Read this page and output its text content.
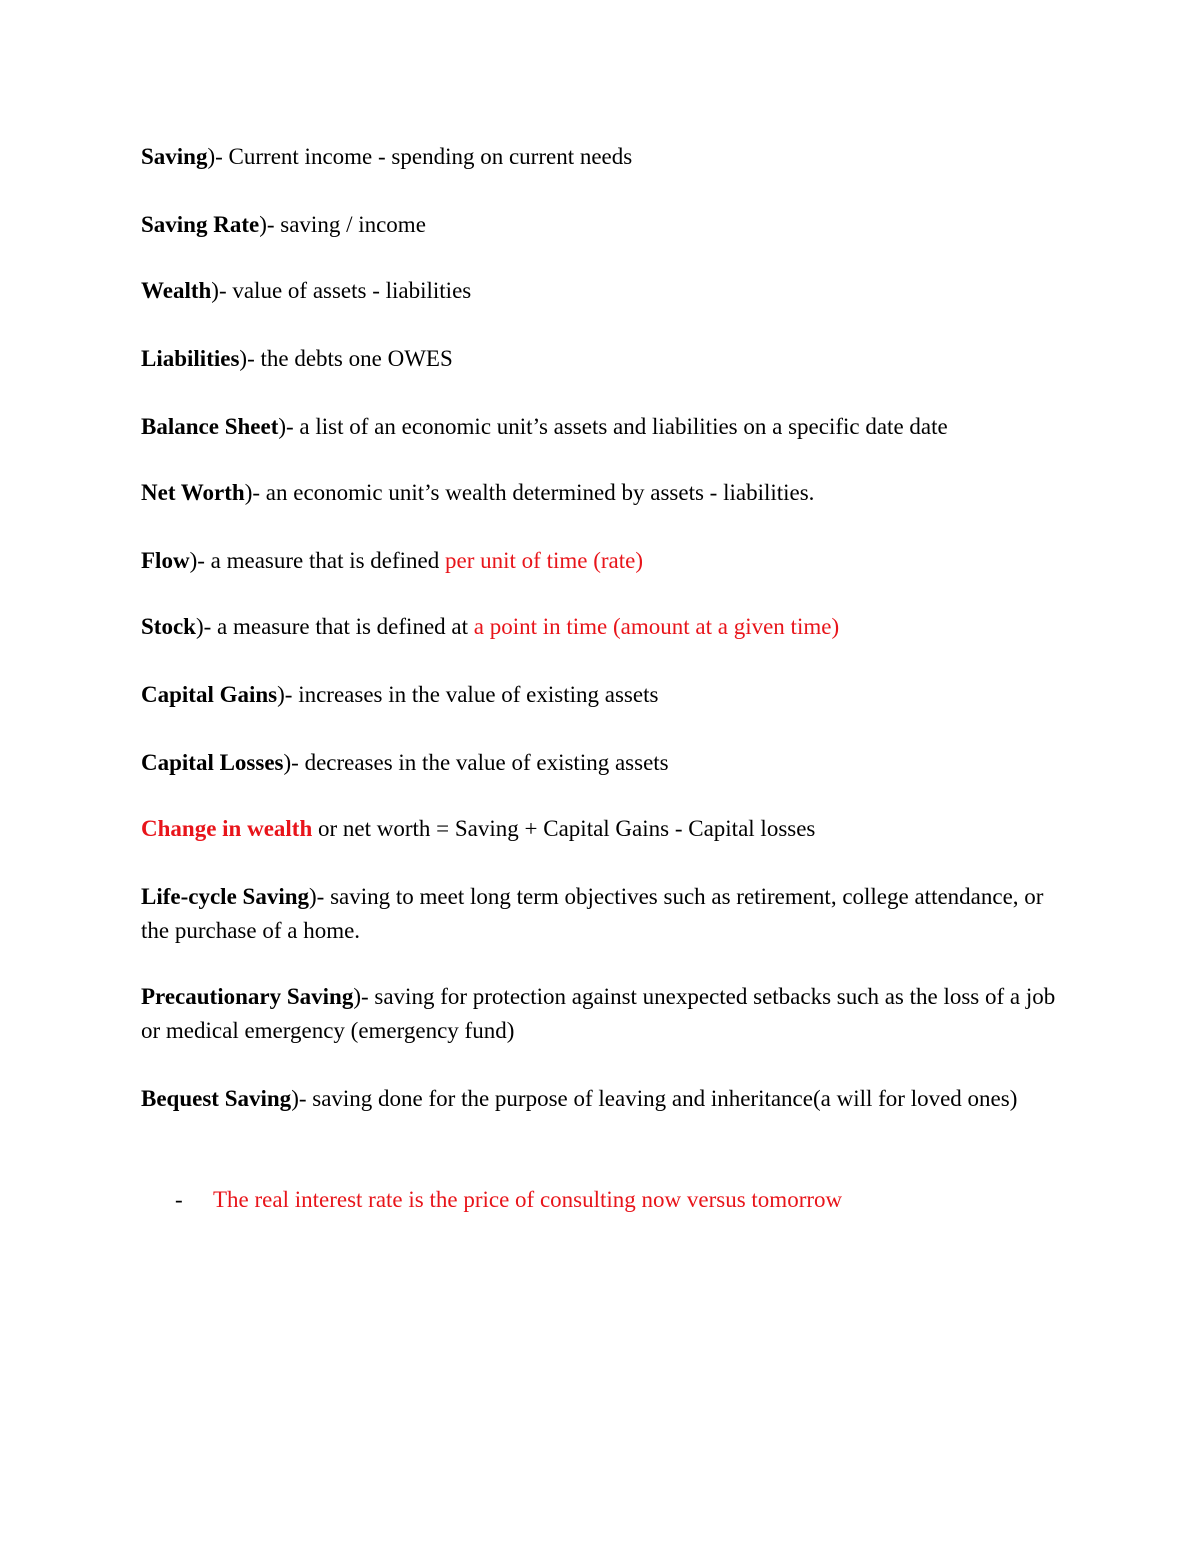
Saving)- Current income - spending on current needs

Saving Rate)- saving / income

Wealth)- value of assets - liabilities

Liabilities)- the debts one OWES

Balance Sheet)- a list of an economic unit’s assets and liabilities on a specific date date

Net Worth)- an economic unit’s wealth determined by assets - liabilities.

Flow)- a measure that is defined per unit of time (rate)

Stock)- a measure that is defined at a point in time (amount at a given time)

Capital Gains)- increases in the value of existing assets

Capital Losses)- decreases in the value of existing assets

Change in wealth or net worth = Saving + Capital Gains - Capital losses

Life-cycle Saving)- saving to meet long term objectives such as retirement, college attendance, or the purchase of a home.

Precautionary Saving)- saving for protection against unexpected setbacks such as the loss of a job or medical emergency (emergency fund)

Bequest Saving)- saving done for the purpose of leaving and inheritance(a will for loved ones)

- The real interest rate is the price of consulting now versus tomorrow
